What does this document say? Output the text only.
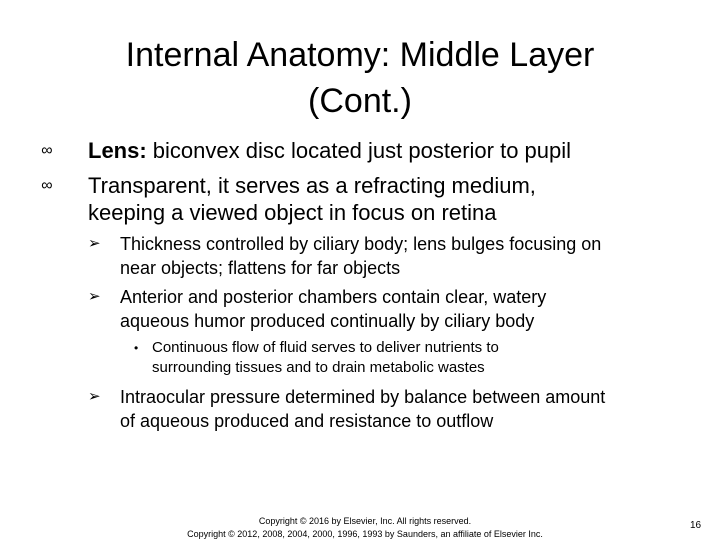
Internal Anatomy: Middle Layer
(Cont.)
∞ Lens: biconvex disc located just posterior to pupil
∞ Transparent, it serves as a refracting medium,
keeping a viewed object in focus on retina
➢ Thickness controlled by ciliary body; lens bulges focusing on
near objects; flattens for far objects
➢ Anterior and posterior chambers contain clear, watery
aqueous humor produced continually by ciliary body
• Continuous flow of fluid serves to deliver nutrients to
surrounding tissues and to drain metabolic wastes
➢ Intraocular pressure determined by balance between amount
of aqueous produced and resistance to outflow
Copyright © 2016 by Elsevier, Inc. All rights reserved.
Copyright © 2012, 2008, 2004, 2000, 1996, 1993 by Saunders, an affiliate of Elsevier Inc.
16
